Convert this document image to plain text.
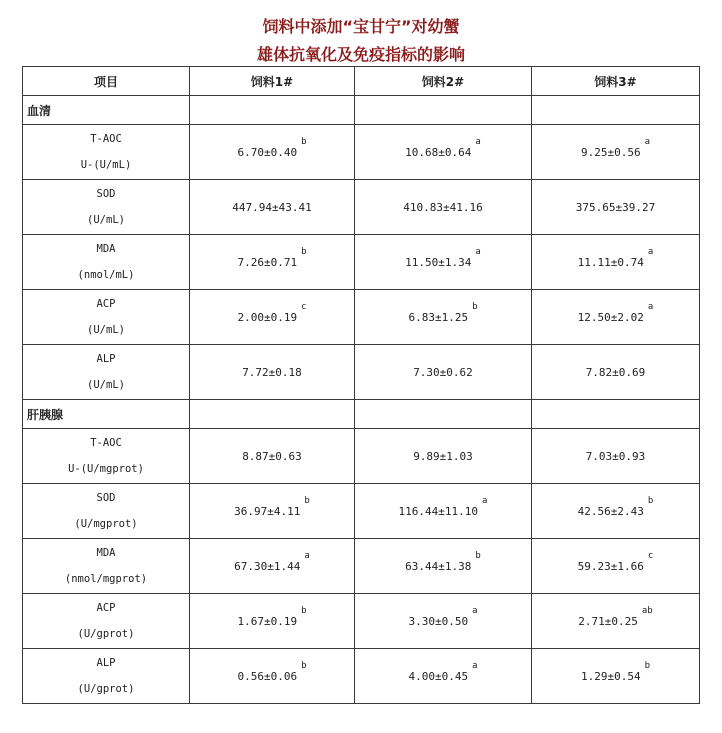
饲料中添加“宝甘宁”对幼蟹
雄体抗氧化及免疫指标的影响
项目	饲料1#	饲料2#	饲料3#
血清			

T-AOC
U-(U/mL)	6.70±0.40$^b$	10.68±0.64$^a$	9.25±0.56$^a$

SOD
(U/mL)	447.94±43.41	410.83±41.16	375.65±39.27

MDA
(nmol/mL)	7.26±0.71$^b$	11.50±1.34$^a$	11.11±0.74$^a$

ACP
(U/mL)	2.00±0.19$^c$	6.83±1.25$^b$	12.50±2.02$^a$

ALP
(U/mL)	7.72±0.18	7.30±0.62	7.82±0.69
肝胰腺			

T-AOC
U-(U/mgprot)	8.87±0.63	9.89±1.03	7.03±0.93

SOD
(U/mgprot)	36.97±4.11$^b$	116.44±11.10$^a$	42.56±2.43$^b$

MDA
(nmol/mgprot)	67.30±1.44$^a$	63.44±1.38$^b$	59.23±1.66$^c$

ACP
(U/gprot)	1.67±0.19$^b$	3.30±0.50$^a$	2.71±0.25$^{ab}$

ALP
(U/gprot)	0.56±0.06$^b$	4.00±0.45$^a$	1.29±0.54$^b$
